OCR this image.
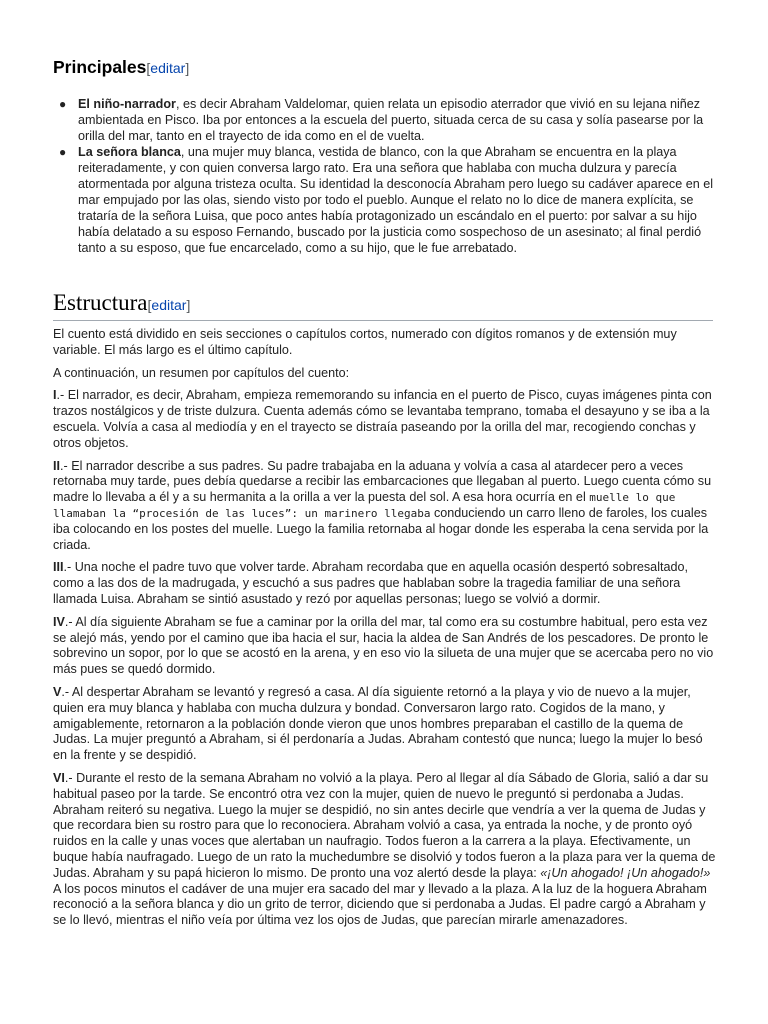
Principales[editar]
● El niño-narrador, es decir Abraham Valdelomar, quien relata un episodio aterrador que vivió en su lejana niñez ambientada en Pisco. Iba por entonces a la escuela del puerto, situada cerca de su casa y solía pasearse por la orilla del mar, tanto en el trayecto de ida como en el de vuelta.
● La señora blanca, una mujer muy blanca, vestida de blanco, con la que Abraham se encuentra en la playa reiteradamente, y con quien conversa largo rato. Era una señora que hablaba con mucha dulzura y parecía atormentada por alguna tristeza oculta. Su identidad la desconocía Abraham pero luego su cadáver aparece en el mar empujado por las olas, siendo visto por todo el pueblo. Aunque el relato no lo dice de manera explícita, se trataría de la señora Luisa, que poco antes había protagonizado un escándalo en el puerto: por salvar a su hijo había delatado a su esposo Fernando, buscado por la justicia como sospechoso de un asesinato; al final perdió tanto a su esposo, que fue encarcelado, como a su hijo, que le fue arrebatado.
Estructura[editar]

El cuento está dividido en seis secciones o capítulos cortos, numerado con dígitos romanos y de extensión muy variable. El más largo es el último capítulo.

A continuación, un resumen por capítulos del cuento:

I.- El narrador, es decir, Abraham, empieza rememorando su infancia en el puerto de Pisco, cuyas imágenes pinta con trazos nostálgicos y de triste dulzura. Cuenta además cómo se levantaba temprano, tomaba el desayuno y se iba a la escuela. Volvía a casa al mediodía y en el trayecto se distraía paseando por la orilla del mar, recogiendo conchas y otros objetos.

II.- El narrador describe a sus padres. Su padre trabajaba en la aduana y volvía a casa al atardecer pero a veces retornaba muy tarde, pues debía quedarse a recibir las embarcaciones que llegaban al puerto. Luego cuenta cómo su madre lo llevaba a él y a su hermanita a la orilla a ver la puesta del sol. A esa hora ocurría en el muelle lo que llamaban la “procesión de las luces”: un marinero llegaba conduciendo un carro lleno de faroles, los cuales iba colocando en los postes del muelle. Luego la familia retornaba al hogar donde les esperaba la cena servida por la criada.

III.- Una noche el padre tuvo que volver tarde. Abraham recordaba que en aquella ocasión despertó sobresaltado, como a las dos de la madrugada, y escuchó a sus padres que hablaban sobre la tragedia familiar de una señora llamada Luisa. Abraham se sintió asustado y rezó por aquellas personas; luego se volvió a dormir.

IV.- Al día siguiente Abraham se fue a caminar por la orilla del mar, tal como era su costumbre habitual, pero esta vez se alejó más, yendo por el camino que iba hacia el sur, hacia la aldea de San Andrés de los pescadores. De pronto le sobrevino un sopor, por lo que se acostó en la arena, y en eso vio la silueta de una mujer que se acercaba pero no vio más pues se quedó dormido.

V.- Al despertar Abraham se levantó y regresó a casa. Al día siguiente retornó a la playa y vio de nuevo a la mujer, quien era muy blanca y hablaba con mucha dulzura y bondad. Conversaron largo rato. Cogidos de la mano, y amigablemente, retornaron a la población donde vieron que unos hombres preparaban el castillo de la quema de Judas. La mujer preguntó a Abraham, si él perdonaría a Judas. Abraham contestó que nunca; luego la mujer lo besó en la frente y se despidió.

VI.- Durante el resto de la semana Abraham no volvió a la playa. Pero al llegar al día Sábado de Gloria, salió a dar su habitual paseo por la tarde. Se encontró otra vez con la mujer, quien de nuevo le preguntó si perdonaba a Judas. Abraham reiteró su negativa. Luego la mujer se despidió, no sin antes decirle que vendría a ver la quema de Judas y que recordara bien su rostro para que lo reconociera. Abraham volvió a casa, ya entrada la noche, y de pronto oyó ruidos en la calle y unas voces que alertaban un naufragio. Todos fueron a la carrera a la playa. Efectivamente, un buque había naufragado. Luego de un rato la muchedumbre se disolvió y todos fueron a la plaza para ver la quema de Judas. Abraham y su papá hicieron lo mismo. De pronto una voz alertó desde la playa: «¡Un ahogado! ¡Un ahogado!» A los pocos minutos el cadáver de una mujer era sacado del mar y llevado a la plaza. A la luz de la hoguera Abraham reconoció a la señora blanca y dio un grito de terror, diciendo que si perdonaba a Judas. El padre cargó a Abraham y se lo llevó, mientras el niño veía por última vez los ojos de Judas, que parecían mirarle amenazadores.
